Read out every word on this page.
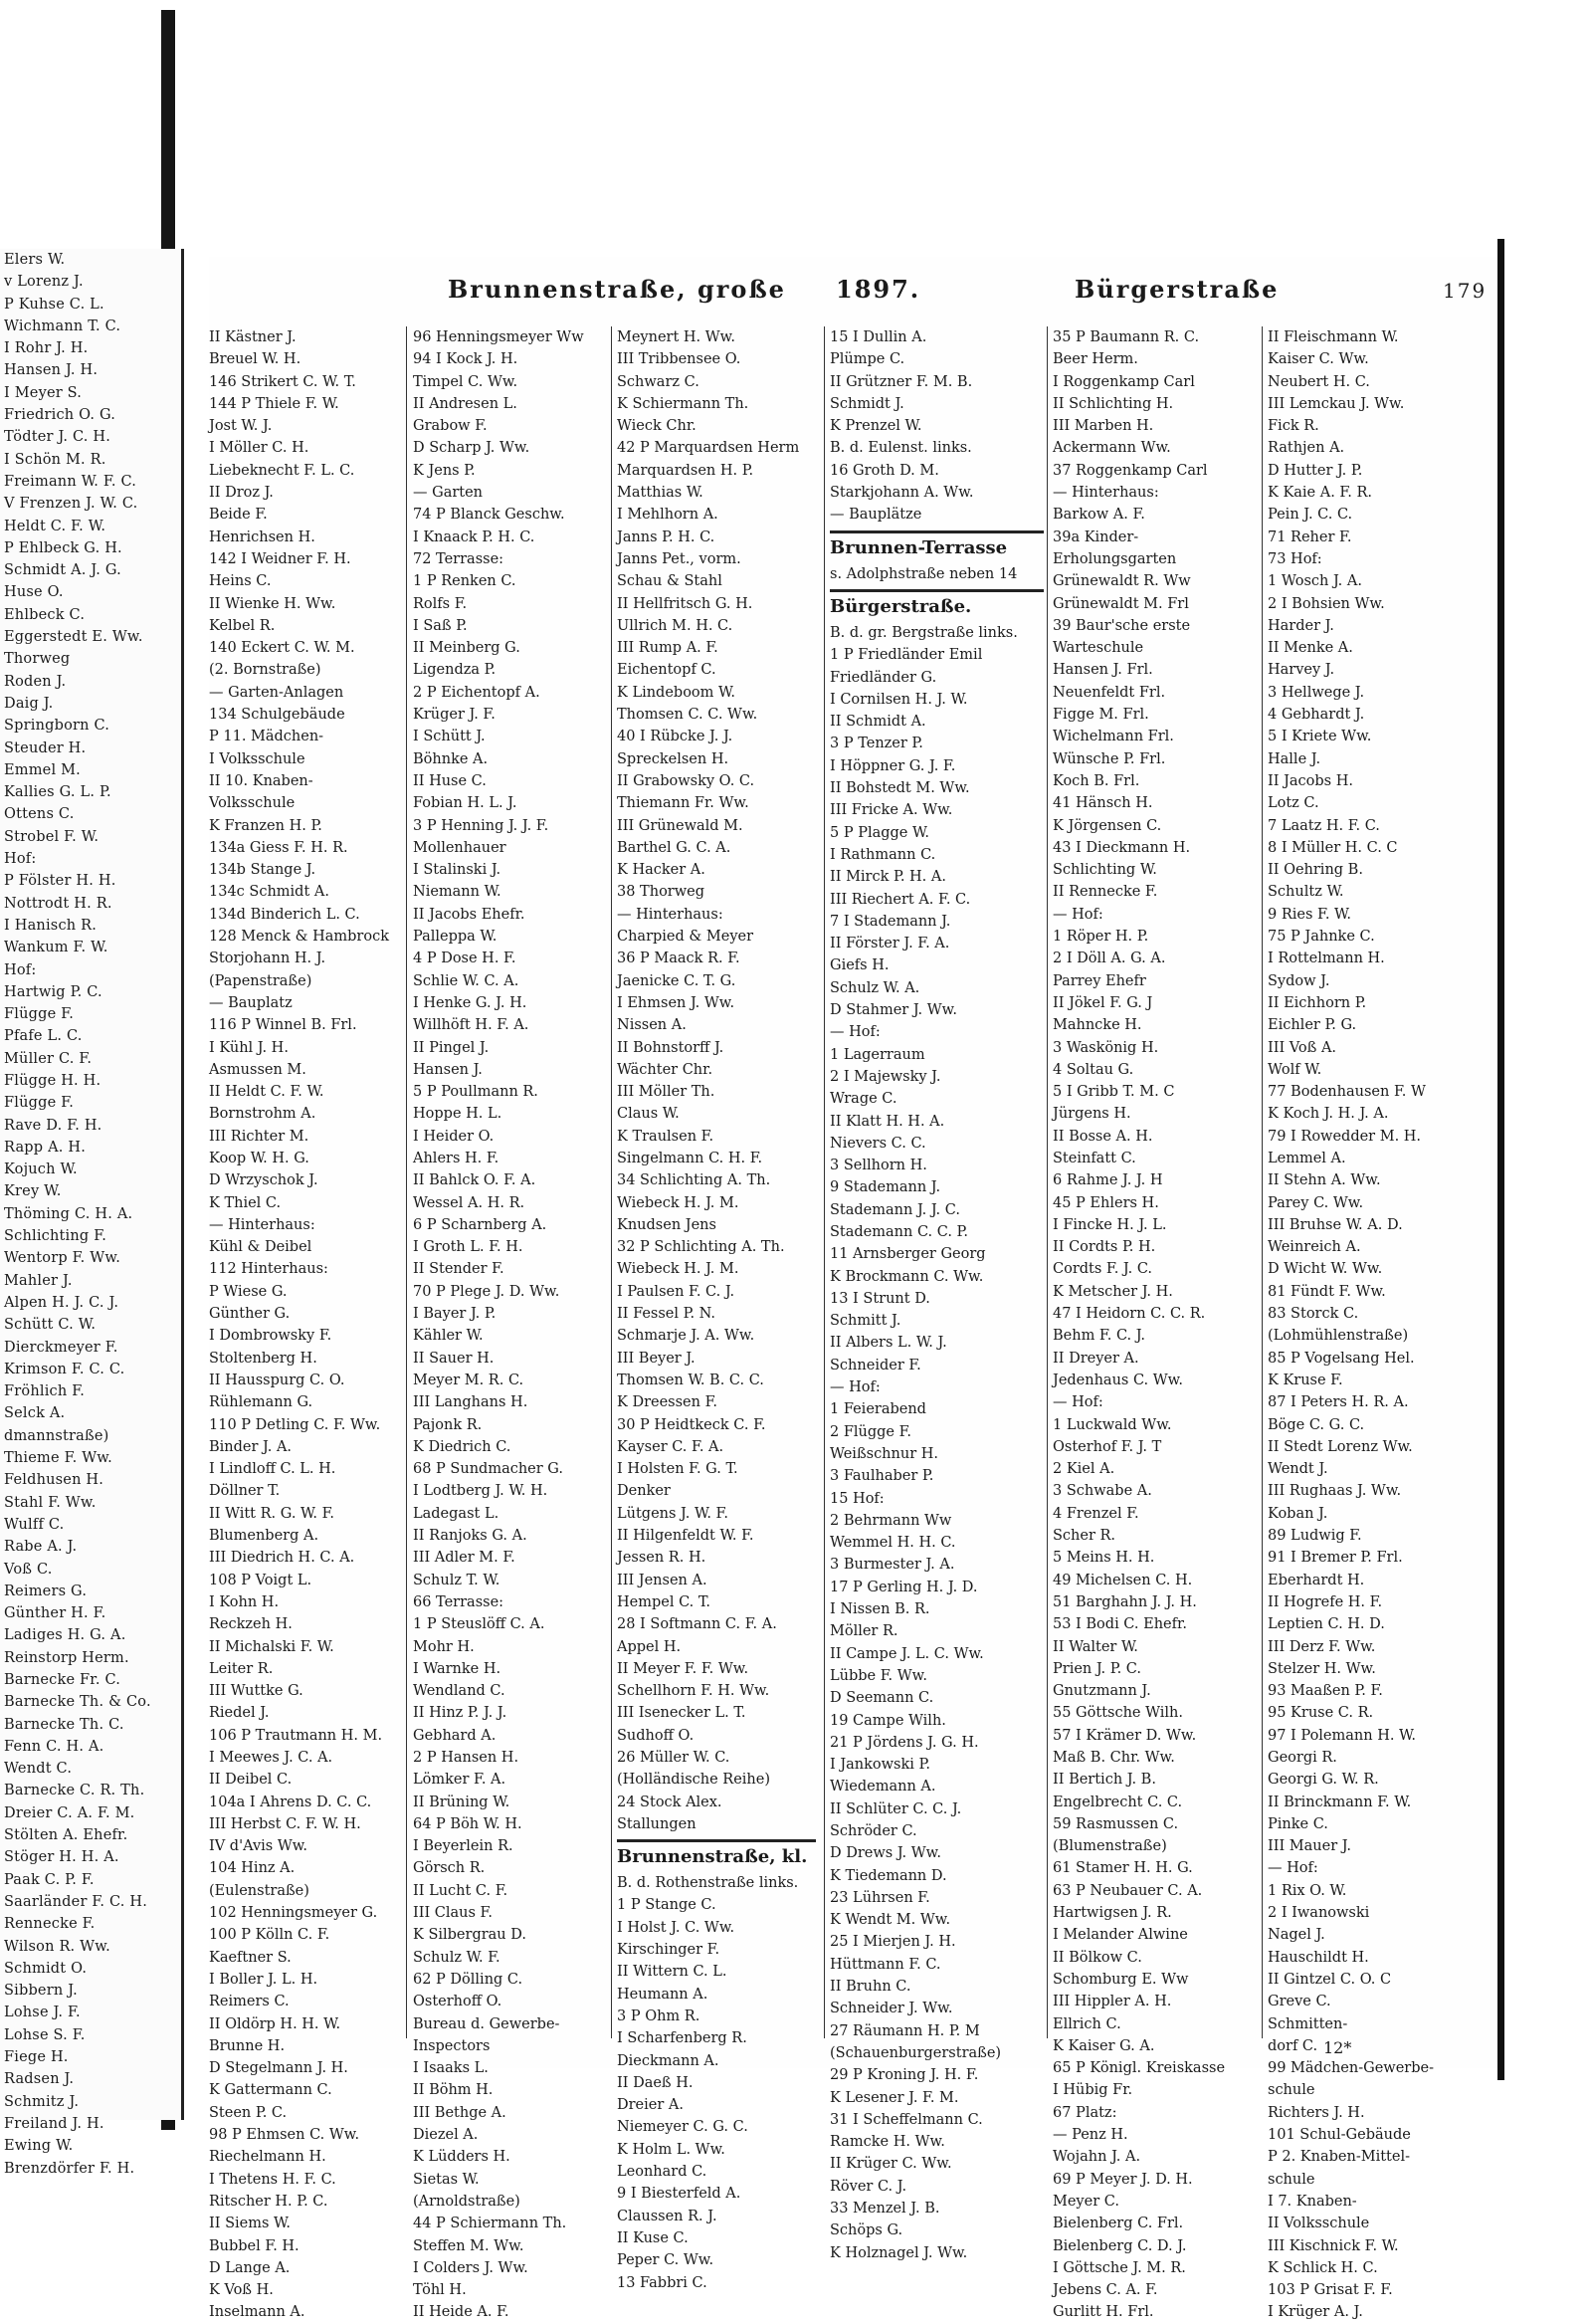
Elers W.
v Lorenz J.
P Kuhse C. L.
Wichmann T. C.
I Rohr J. H.
Hansen J. H.
I Meyer S.
Friedrich O. G.
Tödter J. C. H.
I Schön M. R.
Freimann W. F. C.
V Frenzen J. W. C.
Heldt C. F. W.
P Ehlbeck G. H.
Schmidt A. J. G.
Huse O.
Ehlbeck C.
Eggerstedt E. Ww.
Thorweg
Roden J.
Daig J.
Springborn C.
Steuder H.
Emmel M.
Kallies G. L. P.
Ottens C.
Strobel F. W.
Hof:
P Fölster H. H.
Nottrodt H. R.
I Hanisch R.
Wankum F. W.
Hof:
Hartwig P. C.
Flügge F.
Pfafe L. C.
Müller C. F.
Flügge H. H.
Flügge F.
Rave D. F. H.
Rapp A. H.
Kojuch W.
Krey W.
Thöming C. H. A.
Schlichting F.
Wentorp F. Ww.
Mahler J.
Alpen H. J. C. J.
Schütt C. W.
Dierckmeyer F.
Krimson F. C. C.
Fröhlich F.
Selck A.
dmannstraße)
Thieme F. Ww.
Feldhusen H.
Stahl F. Ww.
Wulff C.
Rabe A. J.
Voß C.
Reimers G.
Günther H. F.
Ladiges H. G. A.
Reinstorp Herm.
Barnecke Fr. C.
Barnecke Th. & Co.
Barnecke Th. C.
Fenn C. H. A.
Wendt C.
Barnecke C. R. Th.
Dreier C. A. F. M.
Stölten A. Ehefr.
Stöger H. H. A.
Paak C. P. F.
Saarländer F. C. H.
Rennecke F.
Wilson R. Ww.
Schmidt O.
Sibbern J.
Lohse J. F.
Lohse S. F.
Fiege H.
Radsen J.
Schmitz J.
Freiland J. H.
Ewing W.
Brenzdörfer F. H.
Brunnenstraße, große 1897.	Bürgerstraße	179
II Kästner J.
Breuel W. H.
146 Strikert C. W. T.
144 P Thiele F. W.
Jost W. J.
I Möller C. H.
Liebeknecht F. L. C.
II Droz J.
Beide F.
Henrichsen H.
142 I Weidner F. H.
Heins C.
II Wienke H. Ww.
Kelbel R.
140 Eckert C. W. M.
(2. Bornstraße)
— Garten-Anlagen
134 Schulgebäude
P 11. Mädchen-
I Volksschule
II 10. Knaben-
Volksschule
K Franzen H. P.
134a Giess F. H. R.
134b Stange J.
134c Schmidt A.
134d Binderich L. C.
128 Menck & Hambrock
Storjohann H. J.
(Papenstraße)
— Bauplatz
116 P Winnel B. Frl.
I Kühl J. H.
Asmussen M.
II Heldt C. F. W.
Bornstrohm A.
III Richter M.
Koop W. H. G.
D Wrzyschok J.
K Thiel C.
— Hinterhaus:
Kühl & Deibel
112 Hinterhaus:
P Wiese G.
Günther G.
I Dombrowsky F.
Stoltenberg H.
II Hausspurg C. O.
Rühlemann G.
110 P Detling C. F. Ww.
Binder J. A.
I Lindloff C. L. H.
Döllner T.
II Witt R. G. W. F.
Blumenberg A.
III Diedrich H. C. A.
108 P Voigt L.
I Kohn H.
Reckzeh H.
II Michalski F. W.
Leiter R.
III Wuttke G.
Riedel J.
106 P Trautmann H. M.
I Meewes J. C. A.
II Deibel C.
104a I Ahrens D. C. C.
III Herbst C. F. W. H.
IV d'Avis Ww.
104 Hinz A.
(Eulenstraße)
102 Henningsmeyer G.
100 P Kölln C. F.
Kaeftner S.
I Boller J. L. H.
Reimers C.
II Oldörp H. H. W.
Brunne H.
D Stegelmann J. H.
K Gattermann C.
Steen P. C.
98 P Ehmsen C. Ww.
Riechelmann H.
I Thetens H. F. C.
Ritscher H. P. C.
II Siems W.
Bubbel F. H.
D Lange A.
K Voß H.
Inselmann A.
96 Henningsmeyer Ww
94 I Kock J. H.
Timpel C. Ww.
II Andresen L.
Grabow F.
D Scharp J. Ww.
K Jens P.
— Garten
74 P Blanck Geschw.
I Knaack P. H. C.
72 Terrasse:
1 P Renken C.
Rolfs F.
I Saß P.
II Meinberg G.
Ligendza P.
2 P Eichentopf A.
Krüger J. F.
I Schütt J.
Böhnke A.
II Huse C.
Fobian H. L. J.
3 P Henning J. J. F.
Mollenhauer
I Stalinski J.
Niemann W.
II Jacobs Ehefr.
Palleppa W.
4 P Dose H. F.
Schlie W. C. A.
I Henke G. J. H.
Willhöft H. F. A.
II Pingel J.
Hansen J.
5 P Poullmann R.
Hoppe H. L.
I Heider O.
Ahlers H. F.
II Bahlck O. F. A.
Wessel A. H. R.
6 P Scharnberg A.
I Groth L. F. H.
II Stender F.
70 P Plege J. D. Ww.
I Bayer J. P.
Kähler W.
II Sauer H.
Meyer M. R. C.
III Langhans H.
Pajonk R.
K Diedrich C.
68 P Sundmacher G.
I Lodtberg J. W. H.
Ladegast L.
II Ranjoks G. A.
III Adler M. F.
Schulz T. W.
66 Terrasse:
1 P Steuslöff C. A.
Mohr H.
I Warnke H.
Wendland C.
II Hinz P. J. J.
Gebhard A.
2 P Hansen H.
Lömker F. A.
II Brüning W.
64 P Böh W. H.
I Beyerlein R.
Görsch R.
II Lucht C. F.
III Claus F.
K Silbergrau D.
Schulz W. F.
62 P Dölling C.
Osterhoff O.
Bureau d. Gewerbe-
Inspectors
I Isaaks L.
II Böhm H.
III Bethge A.
Diezel A.
K Lüdders H.
Sietas W.
(Arnoldstraße)
44 P Schiermann Th.
Steffen M. Ww.
I Colders J. Ww.
Töhl H.
II Heide A. F.
Meynert H. Ww.
III Tribbensee O.
Schwarz C.
K Schiermann Th.
Wieck Chr.
42 P Marquardsen Herm
Marquardsen H. P.
Matthias W.
I Mehlhorn A.
Janns P. H. C.
Janns Pet., vorm.
Schau & Stahl
II Hellfritsch G. H.
Ullrich M. H. C.
III Rump A. F.
Eichentopf C.
K Lindeboom W.
Thomsen C. C. Ww.
40 I Rübcke J. J.
Spreckelsen H.
II Grabowsky O. C.
Thiemann Fr. Ww.
III Grünewald M.
Barthel G. C. A.
K Hacker A.
38 Thorweg
— Hinterhaus:
Charpied & Meyer
36 P Maack R. F.
Jaenicke C. T. G.
I Ehmsen J. Ww.
Nissen A.
II Bohnstorff J.
Wächter Chr.
III Möller Th.
Claus W.
K Traulsen F.
Singelmann C. H. F.
34 Schlichting A. Th.
Wiebeck H. J. M.
Knudsen Jens
32 P Schlichting A. Th.
Wiebeck H. J. M.
I Paulsen F. C. J.
II Fessel P. N.
Schmarje J. A. Ww.
III Beyer J.
Thomsen W. B. C. C.
K Dreessen F.
30 P Heidtkeck C. F.
Kayser C. F. A.
I Holsten F. G. T.
Denker
Lütgens J. W. F.
II Hilgenfeldt W. F.
Jessen R. H.
III Jensen A.
Hempel C. T.
28 I Softmann C. F. A.
Appel H.
II Meyer F. F. Ww.
Schellhorn F. H. Ww.
III Isenecker L. T.
Sudhoff O.
26 Müller W. C.
(Holländische Reihe)
24 Stock Alex.
Stallungen
Brunnenstraße, kl.
B. d. Rothenstraße links.
1 P Stange C.
I Holst J. C. Ww.
Kirschinger F.
II Wittern C. L.
Heumann A.
3 P Ohm R.
I Scharfenberg R.
Dieckmann A.
II Daeß H.
Dreier A.
Niemeyer C. G. C.
K Holm L. Ww.
Leonhard C.
9 I Biesterfeld A.
Claussen R. J.
II Kuse C.
Peper C. Ww.
13 Fabbri C.
15 I Dullin A.
Plümpe C.
II Grützner F. M. B.
Schmidt J.
K Prenzel W.
B. d. Eulenst. links.
16 Groth D. M.
Starkjohann A. Ww.
— Bauplätze
Brunnen-Terrasse
s. Adolphstraße neben 14
Bürgerstraße.
B. d. gr. Bergstraße links.
1 P Friedländer Emil
Friedländer G.
I Cornilsen H. J. W.
II Schmidt A.
3 P Tenzer P.
I Höppner G. J. F.
II Bohstedt M. Ww.
III Fricke A. Ww.
5 P Plagge W.
I Rathmann C.
II Mirck P. H. A.
III Riechert A. F. C.
7 I Stademann J.
II Förster J. F. A.
Giefs H.
Schulz W. A.
D Stahmer J. Ww.
— Hof:
1 Lagerraum
2 I Majewsky J.
Wrage C.
II Klatt H. H. A.
Nievers C. C.
3 Sellhorn H.
9 Stademann J.
Stademann J. J. C.
Stademann C. C. P.
11 Arnsberger Georg
K Brockmann C. Ww.
13 I Strunt D.
Schmitt J.
II Albers L. W. J.
Schneider F.
— Hof:
1 Feierabend
2 Flügge F.
Weißschnur H.
3 Faulhaber P.
15 Hof:
2 Behrmann Ww
Wemmel H. H. C.
3 Burmester J. A.
17 P Gerling H. J. D.
I Nissen B. R.
Möller R.
II Campe J. L. C. Ww.
Lübbe F. Ww.
D Seemann C.
19 Campe Wilh.
21 P Jördens J. G. H.
I Jankowski P.
Wiedemann A.
II Schlüter C. C. J.
Schröder C.
D Drews J. Ww.
K Tiedemann D.
23 Lührsen F.
K Wendt M. Ww.
25 I Mierjen J. H.
Hüttmann F. C.
II Bruhn C.
Schneider J. Ww.
27 Räumann H. P. M
(Schauenburgerstraße)
29 P Kroning J. H. F.
K Lesener J. F. M.
31 I Scheffelmann C.
Ramcke H. Ww.
II Krüger C. Ww.
Röver C. J.
33 Menzel J. B.
Schöps G.
K Holznagel J. Ww.
35 P Baumann R. C.
Beer Herm.
I Roggenkamp Carl
II Schlichting H.
III Marben H.
Ackermann Ww.
37 Roggenkamp Carl
— Hinterhaus:
Barkow A. F.
39a Kinder-
Erholungsgarten
Grünewaldt R. Ww
Grünewaldt M. Frl
39 Baur'sche erste
Warteschule
Hansen J. Frl.
Neuenfeldt Frl.
Figge M. Frl.
Wichelmann Frl.
Wünsche P. Frl.
Koch B. Frl.
41 Hänsch H.
K Jörgensen C.
43 I Dieckmann H.
Schlichting W.
II Rennecke F.
— Hof:
1 Röper H. P.
2 I Döll A. G. A.
Parrey Ehefr
II Jökel F. G. J
Mahncke H.
3 Waskönig H.
4 Soltau G.
5 I Gribb T. M. C
Jürgens H.
II Bosse A. H.
Steinfatt C.
6 Rahme J. J. H
45 P Ehlers H.
I Fincke H. J. L.
II Cordts P. H.
Cordts F. J. C.
K Metscher J. H.
47 I Heidorn C. C. R.
Behm F. C. J.
II Dreyer A.
Jedenhaus C. Ww.
— Hof:
1 Luckwald Ww.
Osterhof F. J. T
2 Kiel A.
3 Schwabe A.
4 Frenzel F.
Scher R.
5 Meins H. H.
49 Michelsen C. H.
51 Barghahn J. J. H.
53 I Bodi C. Ehefr.
II Walter W.
Prien J. P. C.
Gnutzmann J.
55 Göttsche Wilh.
57 I Krämer D. Ww.
Maß B. Chr. Ww.
II Bertich J. B.
Engelbrecht C. C.
59 Rasmussen C.
(Blumenstraße)
61 Stamer H. H. G.
63 P Neubauer C. A.
Hartwigsen J. R.
I Melander Alwine
II Bölkow C.
Schomburg E. Ww
III Hippler A. H.
Ellrich C.
K Kaiser G. A.
65 P Königl. Kreiskasse
I Hübig Fr.
67 Platz:
— Penz H.
Wojahn J. A.
69 P Meyer J. D. H.
Meyer C.
Bielenberg C. Frl.
Bielenberg C. D. J.
I Göttsche J. M. R.
Jebens C. A. F.
Gurlitt H. Frl.
II Fleischmann W.
Kaiser C. Ww.
Neubert H. C.
III Lemckau J. Ww.
Fick R.
Rathjen A.
D Hutter J. P.
K Kaie A. F. R.
Pein J. C. C.
71 Reher F.
73 Hof:
1 Wosch J. A.
2 I Bohsien Ww.
Harder J.
II Menke A.
Harvey J.
3 Hellwege J.
4 Gebhardt J.
5 I Kriete Ww.
Halle J.
II Jacobs H.
Lotz C.
7 Laatz H. F. C.
8 I Müller H. C. C
II Oehring B.
Schultz W.
9 Ries F. W.
75 P Jahnke C.
I Rottelmann H.
Sydow J.
II Eichhorn P.
Eichler P. G.
III Voß A.
Wolf W.
77 Bodenhausen F. W
K Koch J. H. J. A.
79 I Rowedder M. H.
Lemmel A.
II Stehn A. Ww.
Parey C. Ww.
III Bruhse W. A. D.
Weinreich A.
D Wicht W. Ww.
81 Fündt F. Ww.
83 Storck C.
(Lohmühlenstraße)
85 P Vogelsang Hel.
K Kruse F.
87 I Peters H. R. A.
Böge C. G. C.
II Stedt Lorenz Ww.
Wendt J.
III Rughaas J. Ww.
Koban J.
89 Ludwig F.
91 I Bremer P. Frl.
Eberhardt H.
II Hogrefe H. F.
Leptien C. H. D.
III Derz F. Ww.
Stelzer H. Ww.
93 Maaßen P. F.
95 Kruse C. R.
97 I Polemann H. W.
Georgi R.
Georgi G. W. R.
II Brinckmann F. W.
Pinke C.
III Mauer J.
— Hof:
1 Rix O. W.
2 I Iwanowski
Nagel J.
Hauschildt H.
II Gintzel C. O. C
Greve C.
Schmitten-
dorf C.
99 Mädchen-Gewerbe-
schule
Richters J. H.
101 Schul-Gebäude
P 2. Knaben-Mittel-
schule
I 7. Knaben-
II Volksschule
III Kischnick F. W.
K Schlick H. C.
103 P Grisat F. F.
I Krüger A. J.
12*
